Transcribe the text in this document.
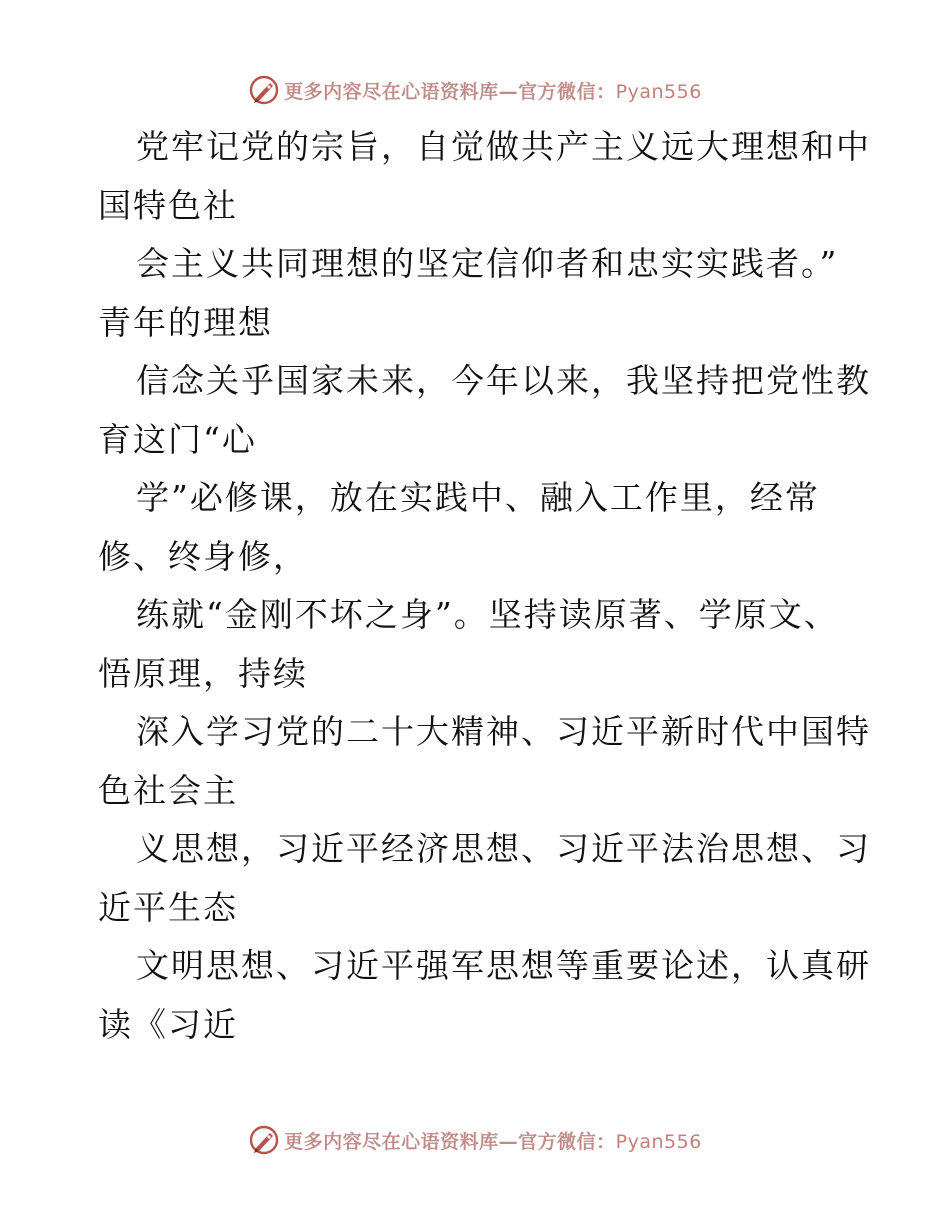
更多内容尽在心语资料库—官方微信：Pyan556
党牢记党的宗旨，自觉做共产主义远大理想和中
国特色社
会主义共同理想的坚定信仰者和忠实实践者。”
青年的理想
信念关乎国家未来，今年以来，我坚持把党性教
育这门“心
学”必修课，放在实践中、融入工作里，经常
修、终身修，
练就“金刚不坏之身”。坚持读原著、学原文、
悟原理，持续
深入学习党的二十大精神、习近平新时代中国特
色社会主
义思想，习近平经济思想、习近平法治思想、习
近平生态
文明思想、习近平强军思想等重要论述，认真研
读《习近
更多内容尽在心语资料库—官方微信：Pyan556
